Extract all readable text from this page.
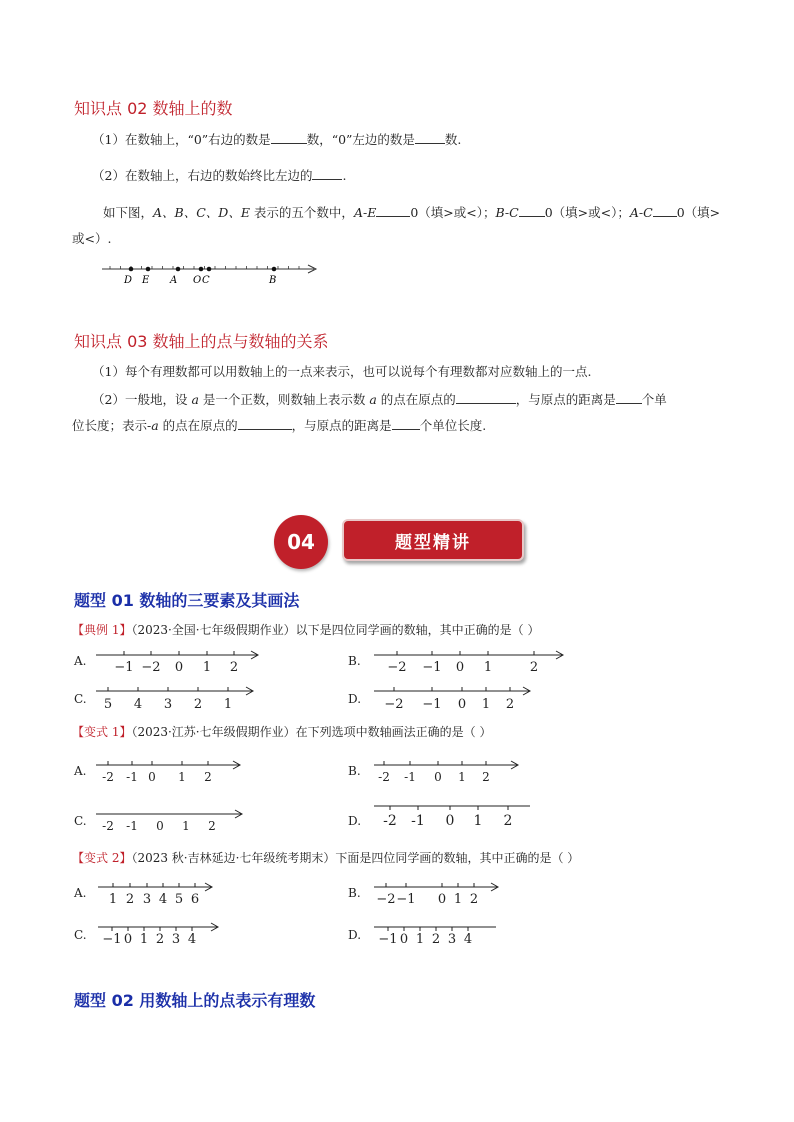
知识点 02 数轴上的数
（1）在数轴上，“0”右边的数是	数，“0”左边的数是 数.
（2）在数轴上，右边的数始终比左边的 .
如下图，A、B、C、D、E 表示的五个数中，A-E	0（填>或<）；B-C 0（填>或<）；A-C 0（填>
或<）.
D E A O C	B
知识点 03 数轴上的点与数轴的关系
（1）每个有理数都可以用数轴上的一点来表示，也可以说每个有理数都对应数轴上的一点.
（2）一般地，设 a 是一个正数，则数轴上表示数 a 的点在原点的	，与原点的距离是 个单
位长度；表示-a 的点在原点的	，与原点的距离是 个单位长度.
题型精讲
04
题型 01 数轴的三要素及其画法
【典例 1】（2023·全国·七年级假期作业）以下是四位同学画的数轴，其中正确的是（ ）
A. −1 −2 0 1 2	B. −2 −1 0 1	2
C. 5 4 3 2 1	D. −2 −1 0 1 2
【变式 1】（2023·江苏·七年级假期作业）在下列选项中数轴画法正确的是（ ）
A. -2 -1 0 1 2	B. -2 -1 0 1 2
C. -2 -1 0 1 2	D. -2 -1 0 1 2
【变式 2】（2023 秋·吉林延边·七年级统考期末）下面是四位同学画的数轴，其中正确的是（ ）
A. 1 2 3 4 5 6	B. −2 −1 0 1 2
C. −1 0 1 2 3 4	D. −1 0 1 2 3 4
题型 02 用数轴上的点表示有理数
